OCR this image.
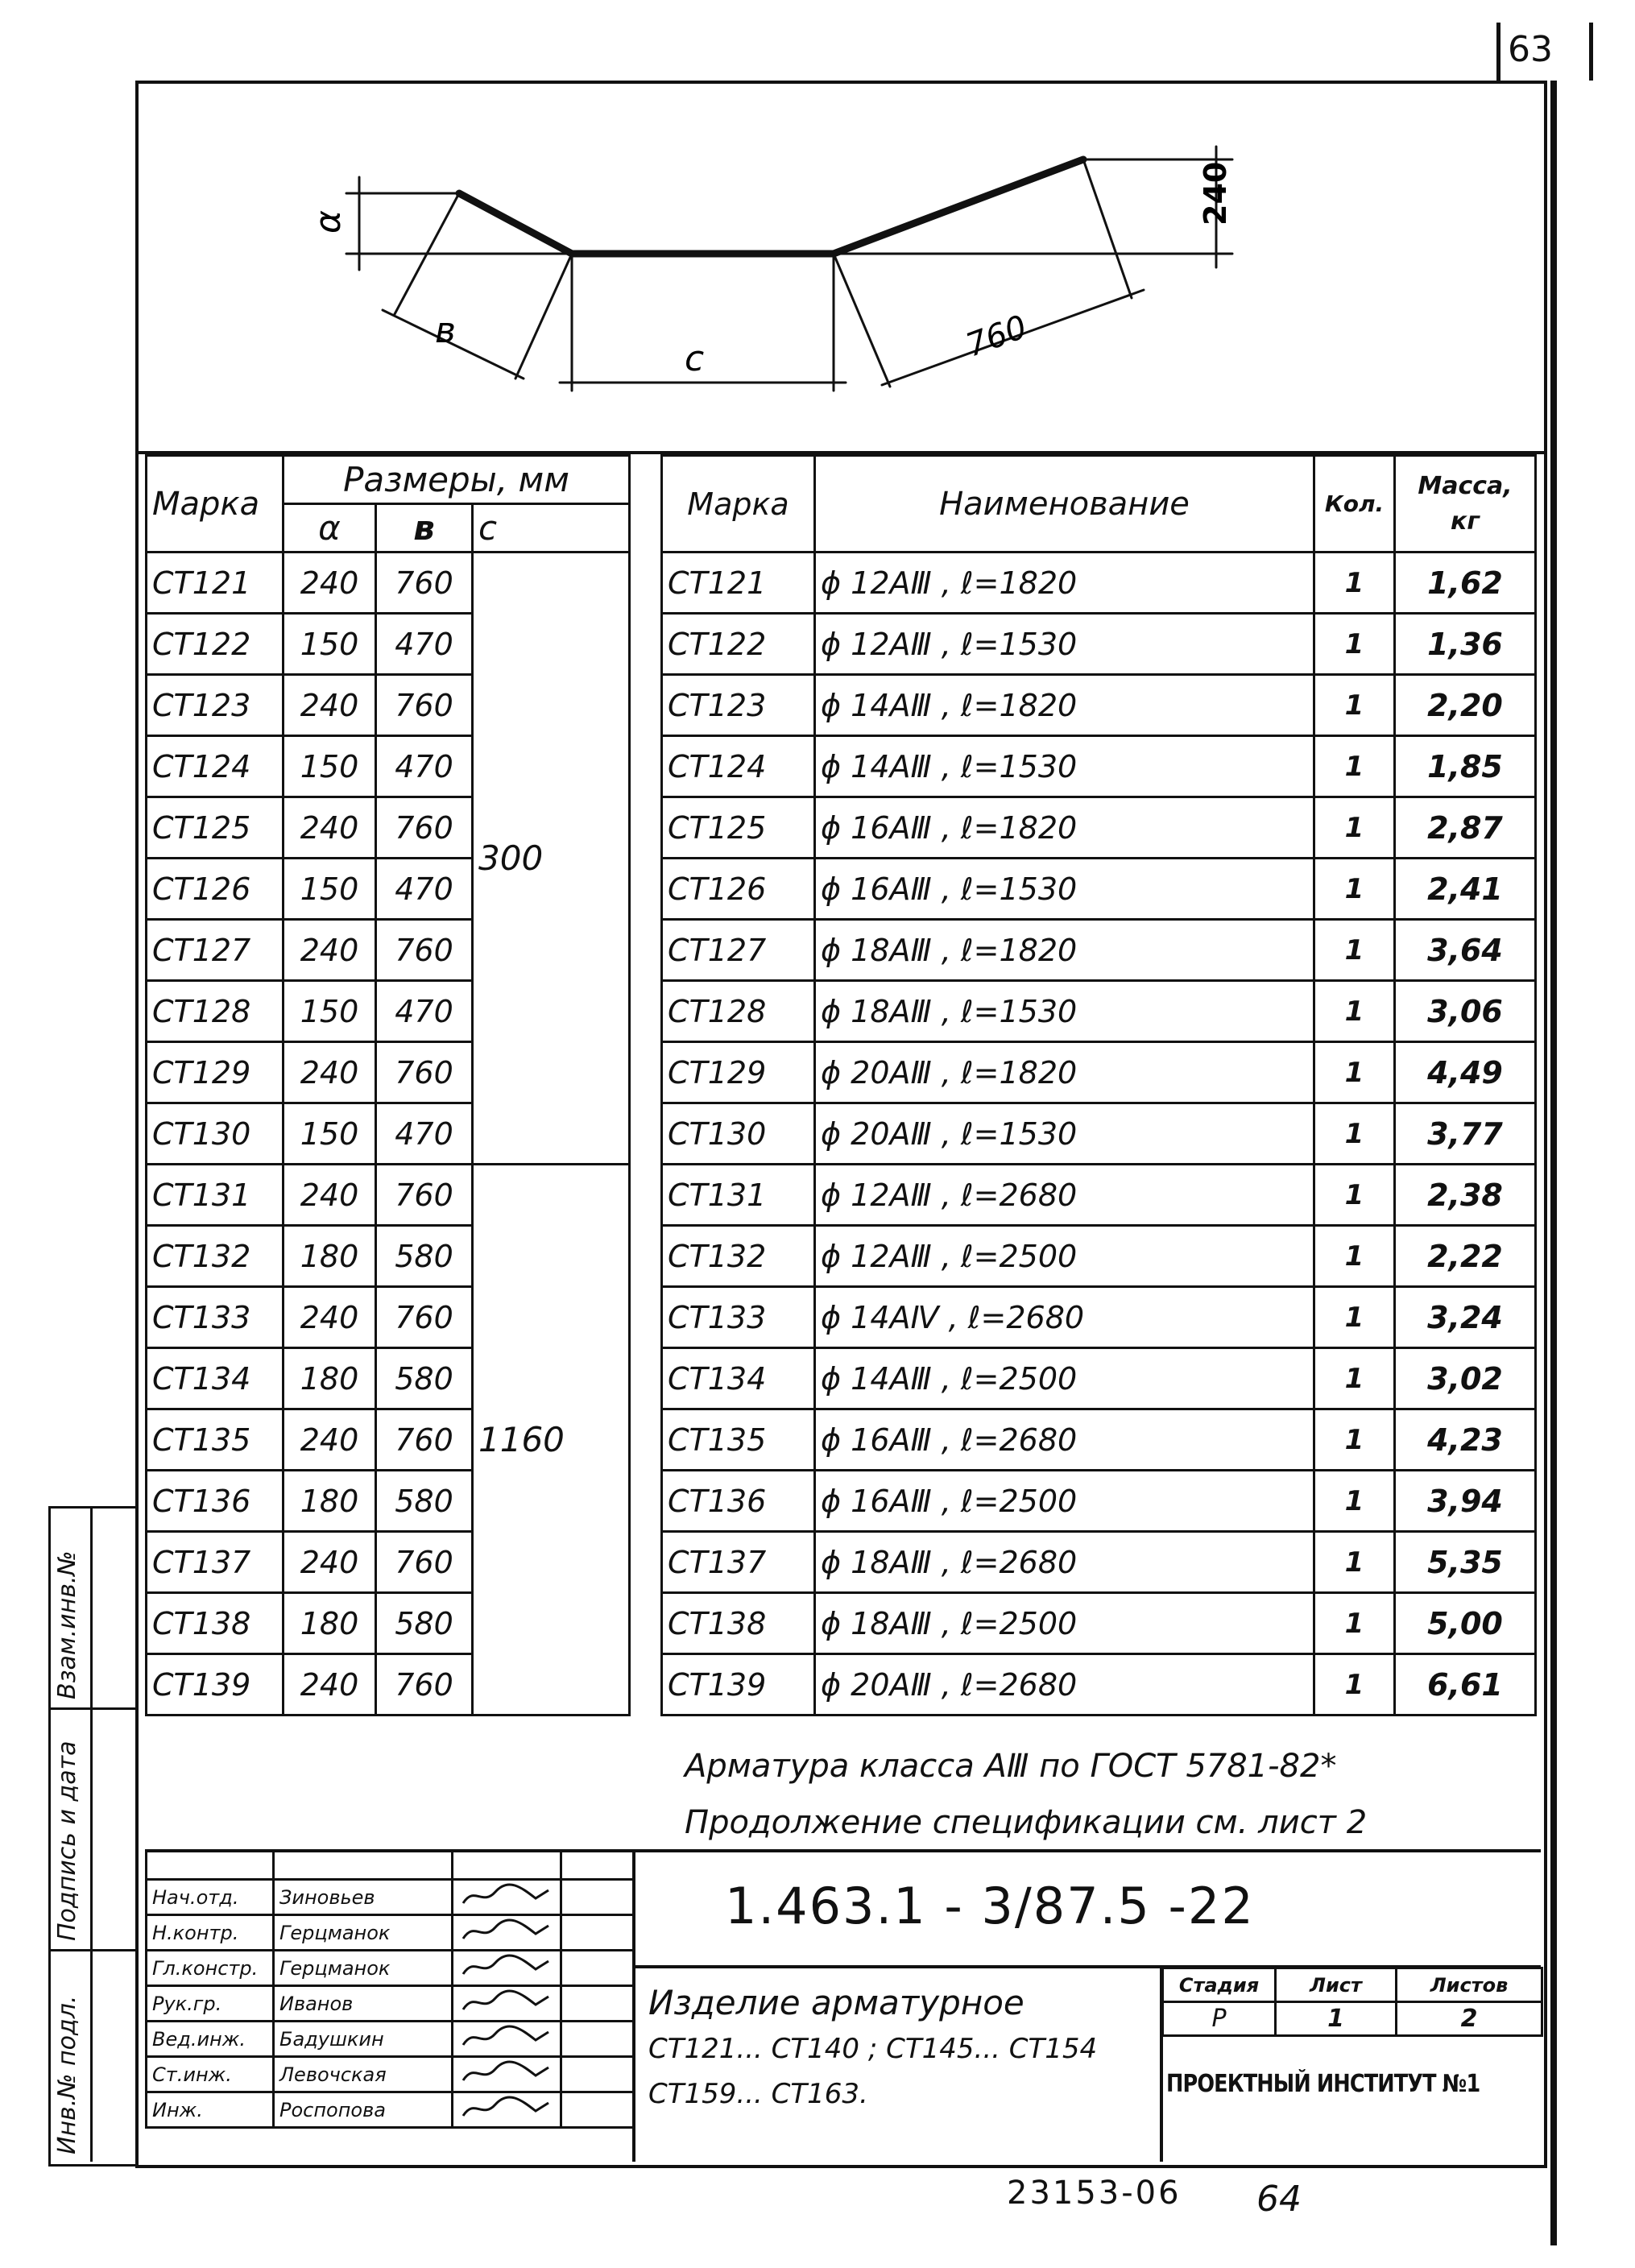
63
α
в
с	760
240
Марка	Размеры, мм		
	α	в	с
СТ121	240	760	300
СТ122	150	470	
СТ123	240	760	
СТ124	150	470	
СТ125	240	760	
СТ126	150	470	
СТ127	240	760	
СТ128	150	470	
СТ129	240	760	
СТ130	150	470	
СТ131	240	760	1160
СТ132	180	580	
СТ133	240	760	
СТ134	180	580	
СТ135	240	760	
СТ136	180	580	
СТ137	240	760	
СТ138	180	580	
СТ139	240	760	
Марка	Наименование	Кол.	Масса, кг
СТ121	ϕ 12АⅢ , ℓ=1820	1	1,62
СТ122	ϕ 12АⅢ , ℓ=1530	1	1,36
СТ123	ϕ 14АⅢ , ℓ=1820	1	2,20
СТ124	ϕ 14АⅢ , ℓ=1530	1	1,85
СТ125	ϕ 16АⅢ , ℓ=1820	1	2,87
СТ126	ϕ 16АⅢ , ℓ=1530	1	2,41
СТ127	ϕ 18АⅢ , ℓ=1820	1	3,64
СТ128	ϕ 18АⅢ , ℓ=1530	1	3,06
СТ129	ϕ 20АⅢ , ℓ=1820	1	4,49
СТ130	ϕ 20АⅢ , ℓ=1530	1	3,77
СТ131	ϕ 12АⅢ , ℓ=2680	1	2,38
СТ132	ϕ 12АⅢ , ℓ=2500	1	2,22
СТ133	ϕ 14АⅣ , ℓ=2680	1	3,24
СТ134	ϕ 14АⅢ , ℓ=2500	1	3,02
СТ135	ϕ 16АⅢ , ℓ=2680	1	4,23
СТ136	ϕ 16АⅢ , ℓ=2500	1	3,94
СТ137	ϕ 18АⅢ , ℓ=2680	1	5,35
СТ138	ϕ 18АⅢ , ℓ=2500	1	5,00
СТ139	ϕ 20АⅢ , ℓ=2680	1	6,61
Арматура класса АⅢ по ГОСТ 5781-82*
Продолжение спецификации см. лист 2
Взам.инв.№
Подпись и дата
Инв.№ подл.

Нач.отд.	Зиновьев		
Н.контр.	Герцманок		
Гл.констр.	Герцманок		
Рук.гр.	Иванов		
Вед.инж.	Бадушкин		
Ст.инж.	Левочская		
Инж.	Роспопова		
1.463.1 - 3/87.5 -22
Изделие арматурное
СТ121... СТ140 ; СТ145... СТ154
СТ159... СТ163.
Стадия	Лист	Листов
Р	1	2
ПРОЕКТНЫЙ ИНСТИТУТ №1
23153-06 64
